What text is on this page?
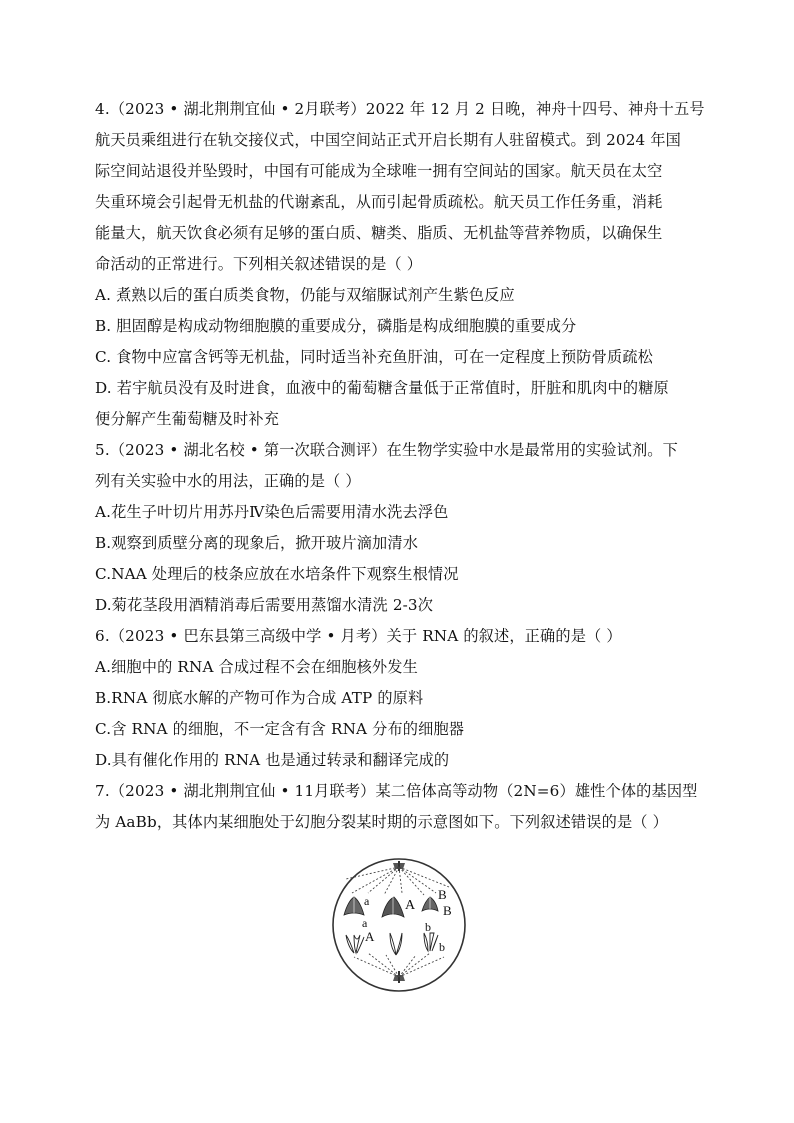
4.（2023 • 湖北荆荆宜仙 • 2月联考）2022 年 12 月 2 日晚，神舟十四号、神舟十五号
航天员乘组进行在轨交接仪式，中国空间站正式开启长期有人驻留模式。到 2024 年国
际空间站退役并坠毁时，中国有可能成为全球唯一拥有空间站的国家。航天员在太空
失重环境会引起骨无机盐的代谢紊乱，从而引起骨质疏松。航天员工作任务重，消耗
能量大，航天饮食必须有足够的蛋白质、糖类、脂质、无机盐等营养物质，以确保生
命活动的正常进行。下列相关叙述错误的是（ ）
A. 煮熟以后的蛋白质类食物，仍能与双缩脲试剂产生紫色反应
B. 胆固醇是构成动物细胞膜的重要成分，磷脂是构成细胞膜的重要成分
C. 食物中应富含钙等无机盐，同时适当补充鱼肝油，可在一定程度上预防骨质疏松
D. 若宇航员没有及时进食，血液中的葡萄糖含量低于正常值时，肝脏和肌肉中的糖原
便分解产生葡萄糖及时补充
5.（2023 • 湖北名校 • 第一次联合测评）在生物学实验中水是最常用的实验试剂。下
列有关实验中水的用法，正确的是（ ）
A.花生子叶切片用苏丹Ⅳ染色后需要用清水洗去浮色
B.观察到质壁分离的现象后，掀开玻片滴加清水
C.NAA 处理后的枝条应放在水培条件下观察生根情况
D.菊花茎段用酒精消毒后需要用蒸馏水清洗 2-3次
6.（2023 • 巴东县第三高级中学 • 月考）关于 RNA 的叙述，正确的是（ ）
A.细胞中的 RNA 合成过程不会在细胞核外发生
B.RNA 彻底水解的产物可作为合成 ATP 的原料
C.含 RNA 的细胞，不一定含有含 RNA 分布的细胞器
D.具有催化作用的 RNA 也是通过转录和翻译完成的
7.（2023 • 湖北荆荆宜仙 • 11月联考）某二倍体高等动物（2N=6）雄性个体的基因型
为 AaBb，其体内某细胞处于幻胞分裂某时期的示意图如下。下列叙述错误的是（ ）
a	A
B
B
a
A
b
b
